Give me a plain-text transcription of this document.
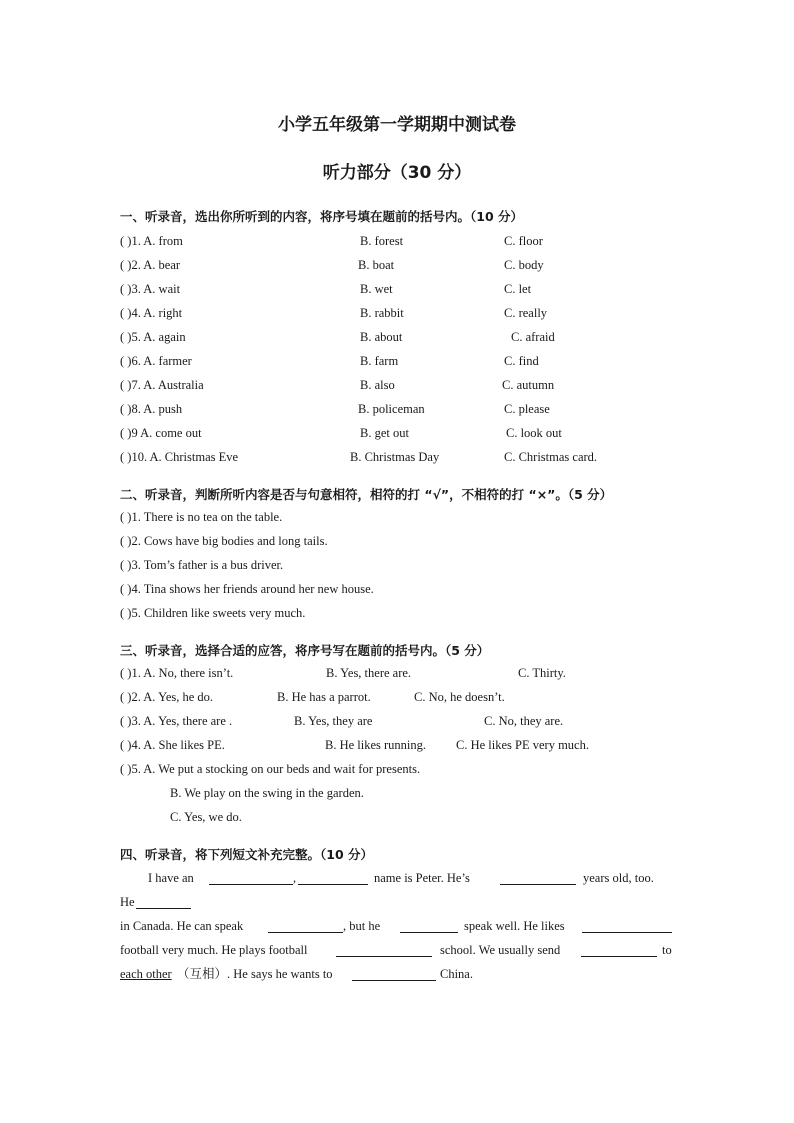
小学五年级第一学期期中测试卷
听力部分（30 分）
一、听录音，选出你所听到的内容，将序号填在题前的括号内。（10 分）
( )1. A. from	B. forest	C. floor
( )2. A. bear	B. boat	C. body
( )3. A. wait	B. wet	C. let
( )4. A. right	B. rabbit	C. really
( )5. A. again	B. about	C. afraid
( )6. A. farmer	B. farm	C. find
( )7. A. Australia	B. also	C. autumn
( )8. A. push	B. policeman	C. please
( )9 A. come out	B. get out	C. look out
( )10. A. Christmas Eve	B. Christmas Day	C. Christmas card.
二、听录音，判断所听内容是否与句意相符，相符的打 “√”，不相符的打 “×”。（5 分）
( )1. There is no tea on the table.
( )2. Cows have big bodies and long tails.
( )3. Tom’s father is a bus driver.
( )4. Tina shows her friends around her new house.
( )5. Children like sweets very much.
三、听录音，选择合适的应答，将序号写在题前的括号内。（5 分）
( )1. A. No, there isn’t.	B. Yes, there are.	C. Thirty.
( )2. A. Yes, he do.	B. He has a parrot.	C. No, he doesn’t.
( )3. A. Yes, there are .	B. Yes, they are	C. No, they are.
( )4. A. She likes PE.	B. He likes running. C. He likes PE very much.
( )5. A. We put a stocking on our beds and wait for presents.
B. We play on the swing in the garden.
C. Yes, we do.
四、听录音，将下列短文补充完整。（10 分）
I have an	,	name is Peter. He’s	years old, too.
He
in Canada. He can speak	, but he	speak well. He likes
football very much. He plays football	school. We usually send	to
each other （互相）. He says he wants to	China.
